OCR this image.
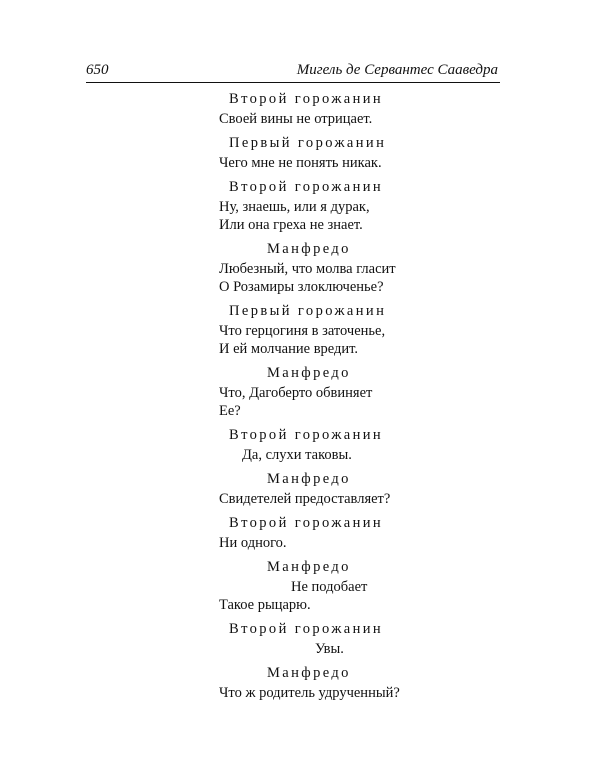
650	Мигель де Сервантес Сааведра
Второй горожанин
Своей вины не отрицает.
Первый горожанин
Чего мне не понять никак.
Второй горожанин
Ну, знаешь, или я дурак,
Или она греха не знает.
Манфредо
Любезный, что молва гласит
О Розамиры злоключенье?
Первый горожанин
Что герцогиня в заточенье,
И ей молчание вредит.
Манфредо
Что, Дагоберто обвиняет
Ее?
Второй горожанин
Да, слухи таковы.
Манфредо
Свидетелей предоставляет?
Второй горожанин
Ни одного.
Манфредо
Не подобает
Такое рыцарю.
Второй горожанин
Увы.
Манфредо
Что ж родитель удрученный?
